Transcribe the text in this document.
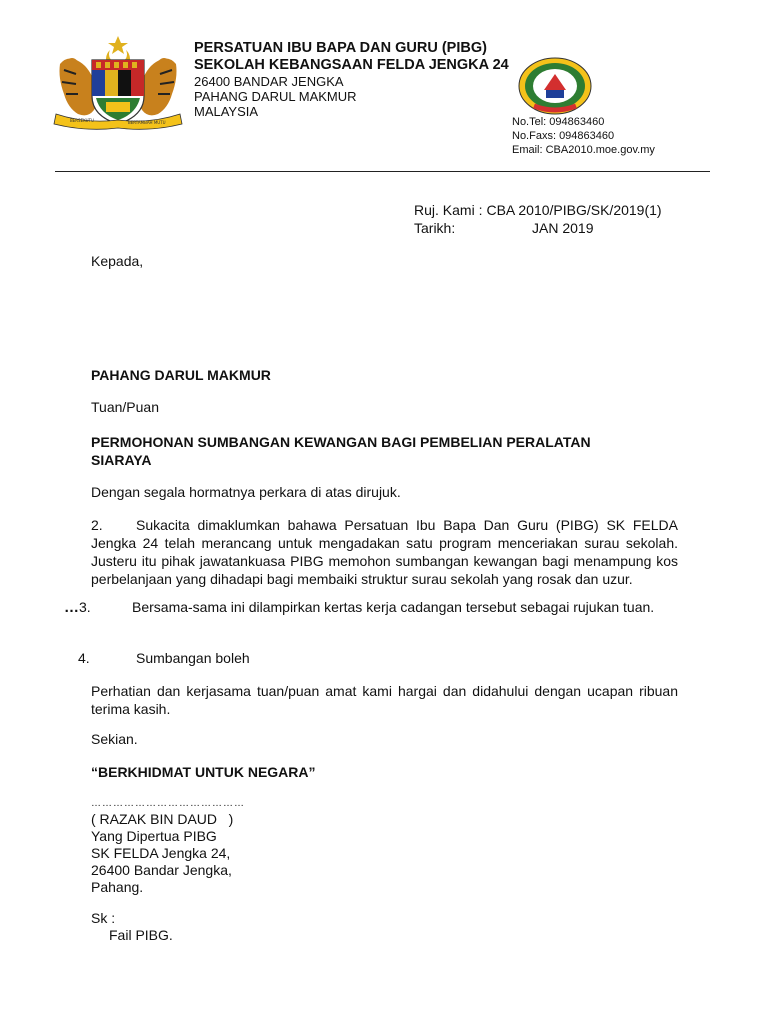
BERSEKUTU	BERTAMBAH MUTU
PERSATUAN IBU BAPA DAN GURU (PIBG)
SEKOLAH KEBANGSAAN FELDA JENGKA 24
26400 BANDAR JENGKA
PAHANG DARUL MAKMUR
MALAYSIA
No.Tel: 094863460
No.Faxs: 094863460
Email: CBA2010.moe.gov.my
Ruj. Kami : CBA 2010/PIBG/SK/2019(1)
Tarikh:	JAN 2019
Kepada,
PAHANG DARUL MAKMUR
Tuan/Puan
PERMOHONAN SUMBANGAN KEWANGAN BAGI PEMBELIAN PERALATAN
SIARAYA
Dengan segala hormatnya perkara di atas dirujuk.
2. Sukacita dimaklumkan bahawa Persatuan Ibu Bapa Dan Guru (PIBG) SK FELDA Jengka 24 telah merancang untuk mengadakan satu program menceriakan surau sekolah. Justeru itu pihak jawatankuasa PIBG memohon sumbangan kewangan bagi menampung kos perbelanjaan yang dihadapi bagi membaiki struktur surau sekolah yang rosak dan uzur.
…3.	Bersama-sama ini dilampirkan kertas kerja cadangan tersebut sebagai rujukan tuan.
4.	Sumbangan boleh
Perhatian dan kerjasama tuan/puan amat kami hargai dan didahului dengan ucapan ribuan terima kasih.
Sekian.
“BERKHIDMAT UNTUK NEGARA”
……………………………………
( RAZAK BIN DAUD   )
Yang Dipertua PIBG
SK FELDA Jengka 24,
26400 Bandar Jengka,
Pahang.
Sk :
Fail PIBG.
